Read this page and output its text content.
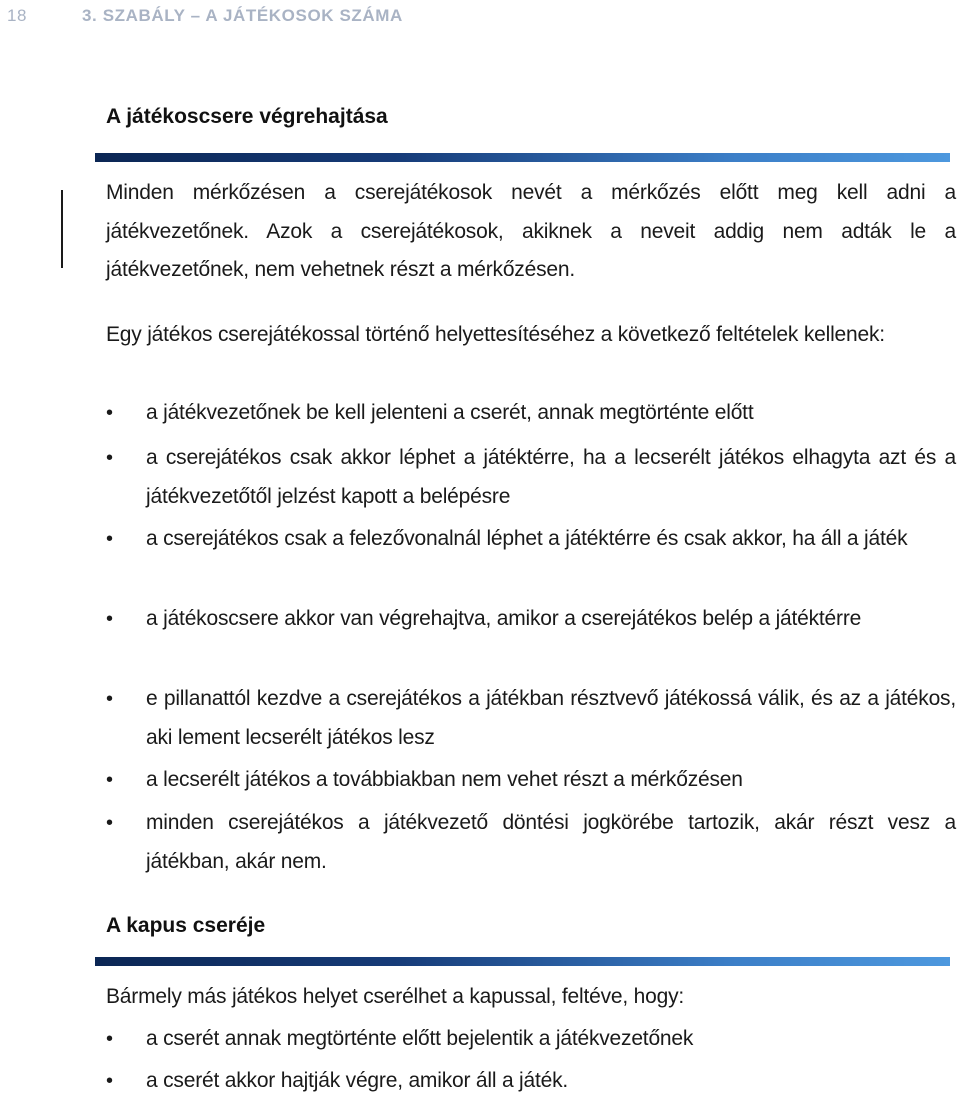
18	3. SZABÁLY – A JÁTÉKOSOK SZÁMA
A játékoscsere végrehajtása

Minden mérkőzésen a cserejátékosok nevét a mérkőzés előtt meg kell adni a játékvezetőnek. Azok a cserejátékosok, akiknek a neveit addig nem adták le a játékvezetőnek, nem vehetnek részt a mérkőzésen.

Egy játékos cserejátékossal történő helyettesítéséhez a következő feltételek kellenek:

•	a játékvezetőnek be kell jelenteni a cserét, annak megtörténte előtt
•	a cserejátékos csak akkor léphet a játéktérre, ha a lecserélt játékos elhagyta azt és a játékvezetőtől jelzést kapott a belépésre
•	a cserejátékos csak a felezővonalnál léphet a játéktérre és csak akkor, ha áll a játék
•	a játékoscsere akkor van végrehajtva, amikor a cserejátékos belép a játéktérre
•	e pillanattól kezdve a cserejátékos a játékban résztvevő játékossá válik, és az a játékos, aki lement lecserélt játékos lesz
•	a lecserélt játékos a továbbiakban nem vehet részt a mérkőzésen
•	minden cserejátékos a játékvezető döntési jogkörébe tartozik, akár részt vesz a játékban, akár nem.
A kapus cseréje

Bármely más játékos helyet cserélhet a kapussal, feltéve, hogy:

•	a cserét annak megtörténte előtt bejelentik a játékvezetőnek
•	a cserét akkor hajtják végre, amikor áll a játék.
